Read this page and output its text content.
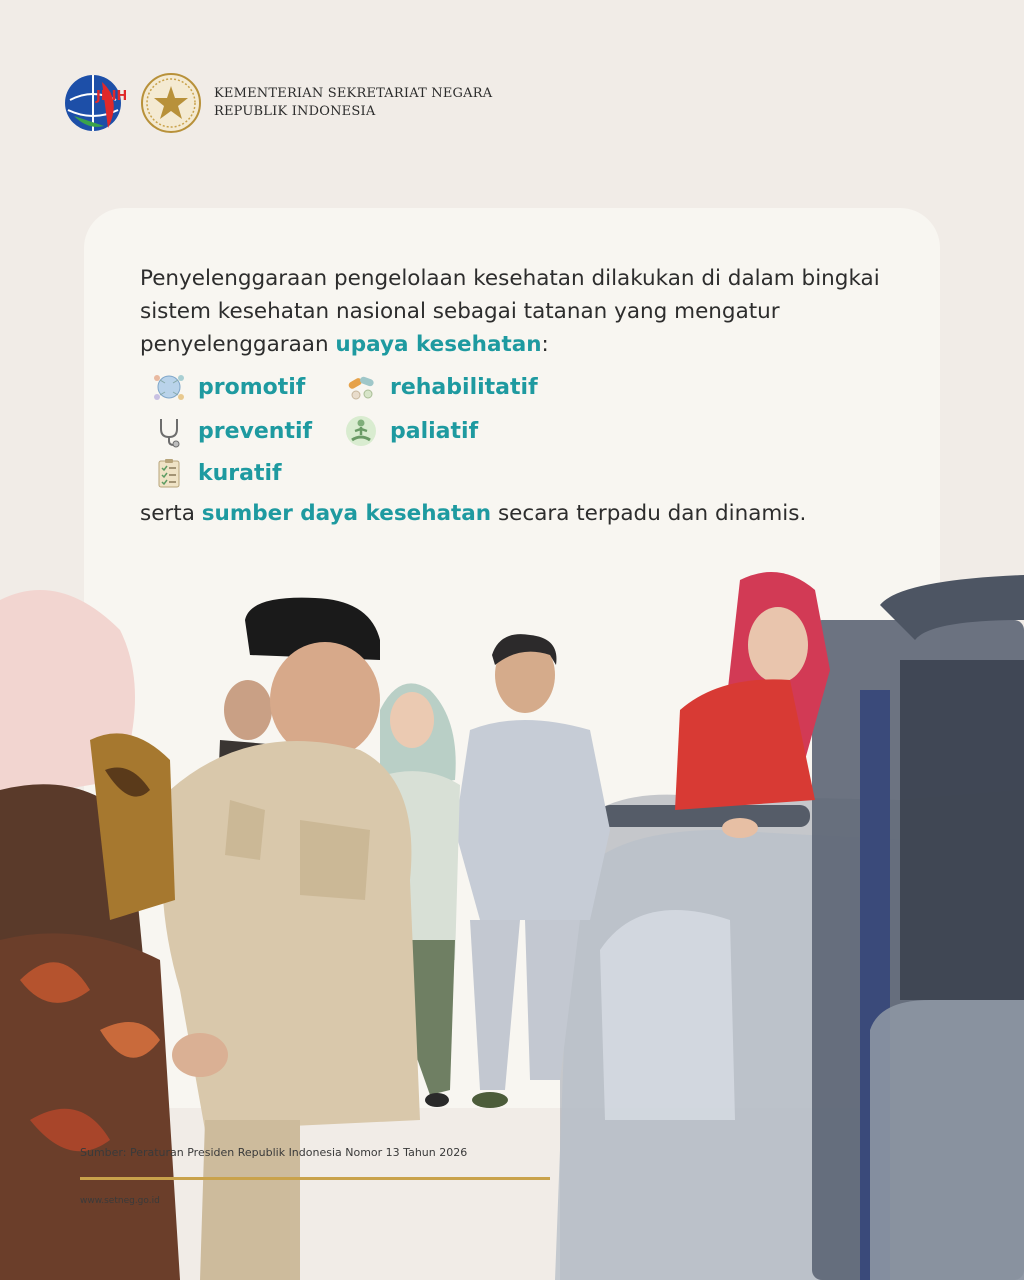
JDIH	KEMENTERIAN SEKRETARIAT NEGARA
REPUBLIK INDONESIA
Penyelenggaraan pengelolaan kesehatan dilakukan di dalam bingkai sistem kesehatan nasional sebagai tatanan yang mengatur penyelenggaraan upaya kesehatan:
promotif	rehabilitatif
preventif	paliatif
kuratif
serta sumber daya kesehatan secara terpadu dan dinamis.
Sumber: Peraturan Presiden Republik Indonesia Nomor 13 Tahun 2026
www.setneg.go.id
